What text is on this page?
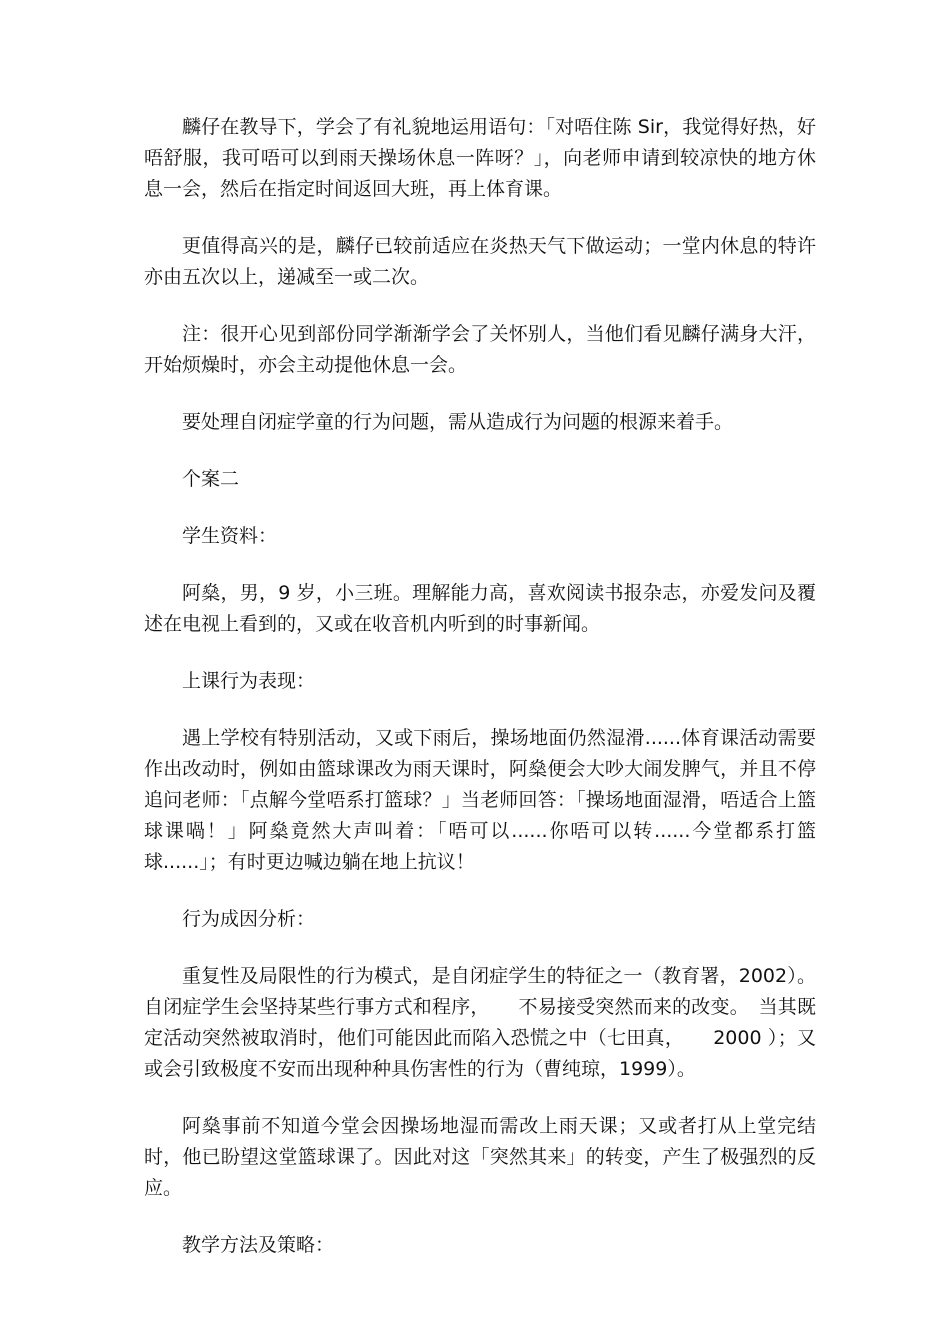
麟仔在教导下，学会了有礼貌地运用语句：「对唔住陈 Sir，我觉得好热，好唔舒服，我可唔可以到雨天操场休息一阵呀？」，向老师申请到较凉快的地方休息一会，然后在指定时间返回大班，再上体育课。

更值得高兴的是，麟仔已较前适应在炎热天气下做运动；一堂内休息的特许亦由五次以上，递减至一或二次。

注：很开心见到部份同学渐渐学会了关怀别人，当他们看见麟仔满身大汗，开始烦燥时，亦会主动提他休息一会。

要处理自闭症学童的行为问题，需从造成行为问题的根源来着手。

个案二

学生资料：

阿燊，男，9 岁，小三班。理解能力高，喜欢阅读书报杂志，亦爱发问及覆述在电视上看到的，又或在收音机内听到的时事新闻。

上课行为表现：

遇上学校有特别活动，又或下雨后，操场地面仍然湿滑......体育课活动需要作出改动时，例如由篮球课改为雨天课时，阿燊便会大吵大闹发脾气，并且不停追问老师：「点解今堂唔系打篮球？」当老师回答：「操场地面湿滑，唔适合上篮球课喎！」阿燊竟然大声叫着：「唔可以......你唔可以转......今堂都系打篮球......」；有时更边喊边躺在地上抗议！

行为成因分析：

重复性及局限性的行为模式，是自闭症学生的特征之一（教育署，2002）。自闭症学生会坚持某些行事方式和程序，　　不易接受突然而来的改变。　当其既定活动突然被取消时，他们可能因此而陷入恐慌之中（七田真，　　2000 ）；又或会引致极度不安而出现种种具伤害性的行为（曹纯琼，1999）。

阿燊事前不知道今堂会因操场地湿而需改上雨天课；又或者打从上堂完结时，他已盼望这堂篮球课了。因此对这「突然其来」的转变，产生了极强烈的反应。

教学方法及策略：
